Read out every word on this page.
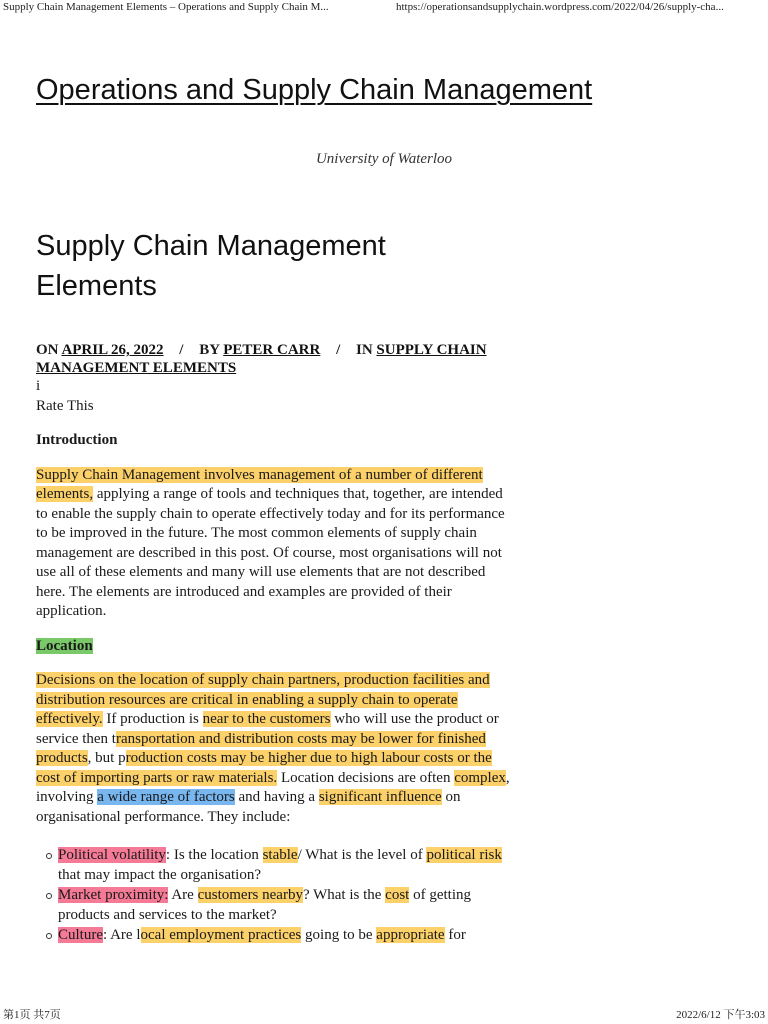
Supply Chain Management Elements – Operations and Supply Chain M...	https://operationsandsupplychain.wordpress.com/2022/04/26/supply-cha...
Operations and Supply Chain Management
University of Waterloo
Supply Chain Management Elements
ON APRIL 26, 2022 / BY PETER CARR / IN SUPPLY CHAIN MANAGEMENT ELEMENTS
i
Rate This

Introduction

Supply Chain Management involves management of a number of different elements, applying a range of tools and techniques that, together, are intended to enable the supply chain to operate effectively today and for its performance to be improved in the future. The most common elements of supply chain management are described in this post. Of course, most organisations will not use all of these elements and many will use elements that are not described here. The elements are introduced and examples are provided of their application.

Location

Decisions on the location of supply chain partners, production facilities and distribution resources are critical in enabling a supply chain to operate effectively. If production is near to the customers who will use the product or service then transportation and distribution costs may be lower for finished products, but production costs may be higher due to high labour costs or the cost of importing parts or raw materials. Location decisions are often complex, involving a wide range of factors and having a significant influence on organisational performance. They include:

Political volatility: Is the location stable/ What is the level of political risk that may impact the organisation?
Market proximity: Are customers nearby? What is the cost of getting products and services to the market?
Culture: Are local employment practices going to be appropriate for
第1页 共7页	2022/6/12 下午3:03
